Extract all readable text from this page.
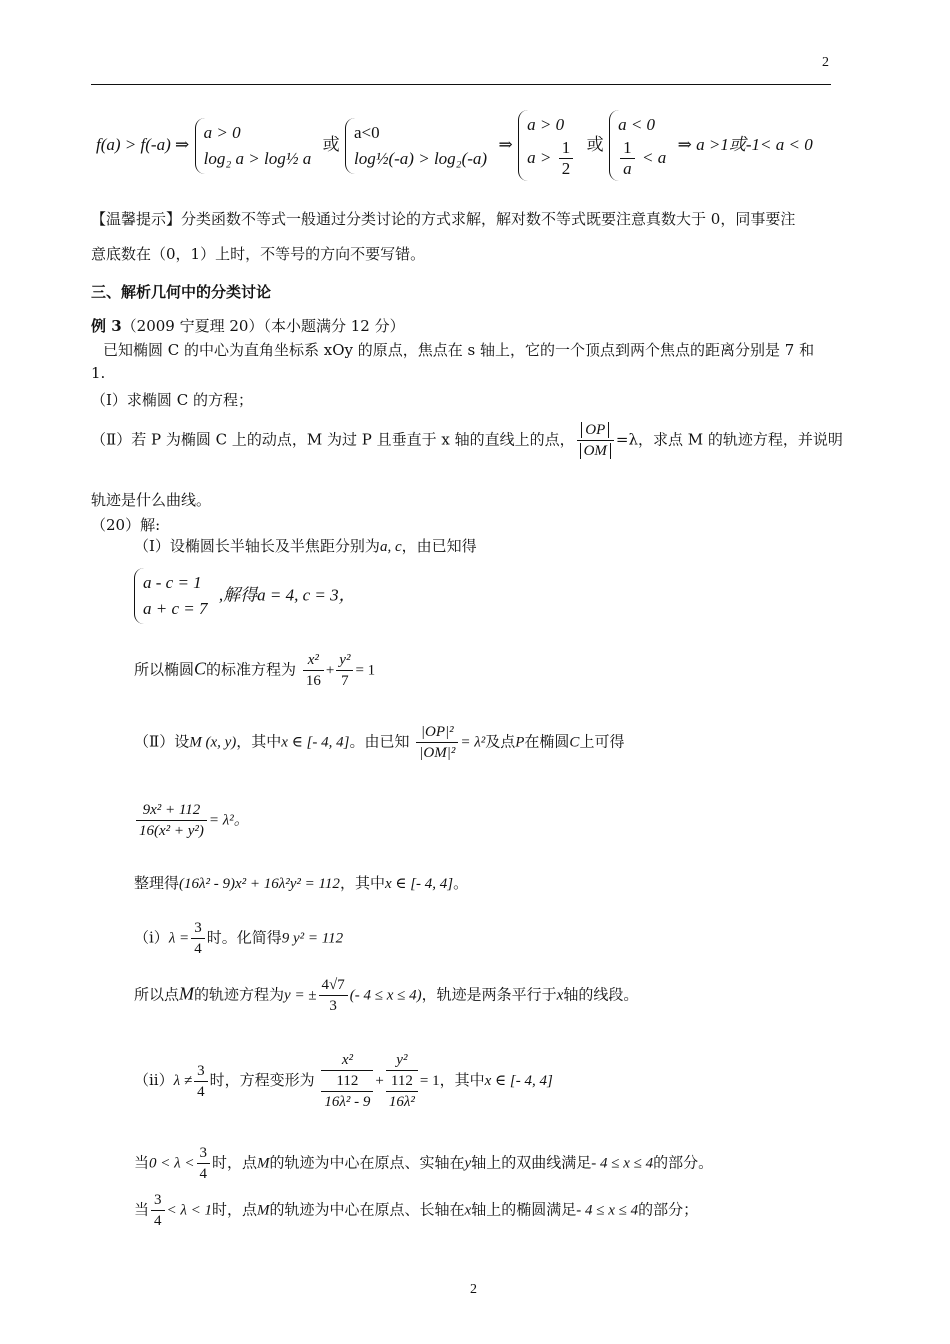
2
f(a) > f(-a) ⇒
a > 0
log₂ a > log½ a
或
a<0
log½(-a) > log₂(-a)
⇒
a > 0
$a > \frac{1}{2}$ 或
a < 0
$\frac{1}{a} < a$
⇒ a >1或-1< a < 0
【温馨提示】分类函数不等式一般通过分类讨论的方式求解，解对数不等式既要注意真数大于 0，同事要注
意底数在（0，1）上时，不等号的方向不要写错。
三、解析几何中的分类讨论
例 3（2009 宁夏理 20）（本小题满分 12 分）
已知椭圆 C 的中心为直角坐标系 xOy 的原点，焦点在 s 轴上，它的一个顶点到两个焦点的距离分别是 7 和
1.
（Ⅰ）求椭圆 C 的方程；
（Ⅱ）若 P 为椭圆 C 上的动点，M 为过 P 且垂直于 x 轴的直线上的点， $\frac{OP}{OM} =\lambda$，求点 M 的轨迹方程，并说明
轨迹是什么曲线。
（20）解:
（Ⅰ）设椭圆长半轴长及半焦距分别为a, c，由已知得
a - c = 1
a + c = 7
,解得a = 4, c = 3，
所以椭圆C的标准方程为 $\frac{\text{x²}}{16} + \frac{\text{y²}}{7} = 1$
（Ⅱ）设M (x, y)，其中x ∈ [- 4, 4]。由已知 $\frac{\text{|OP|²}}{\text{|OM|²}} = \lambda^2$及点P在椭圆C上可得
$\frac{\text{9x² + 112}}{\text{16(x² + y²)}} = \lambda^2$。
整理得(16λ² - 9)x² + 16λ²y² = 112，其中x ∈ [- 4, 4]。
$(i)\lambda = \frac{3}{4}$ 时。化简得9 y² = 112
所以点M的轨迹方程为y = ± $\frac{4√7}{3}$ (- 4 ≤ x ≤ 4)，轨迹是两条平行于x轴的线段。
$(ii)\lambda \ne \frac{3}{4}$ 时，方程变形为 $\frac{\text{x²}}{\frac{112}{\text{16λ² - 9}}} + \frac{\text{y²}}{\frac{112}{\text{16λ²}}} = 1$，其中x ∈ [- 4, 4]
当$0 < \lambda < \frac{3}{4}$ 时，点M的轨迹为中心在原点、实轴在y轴上的双曲线满足- 4 ≤ x ≤ 4的部分。
当 $\frac{3}{4} < \lambda < 1$时，点M的轨迹为中心在原点、长轴在x轴上的椭圆满足- 4 ≤ x ≤ 4的部分；
2
